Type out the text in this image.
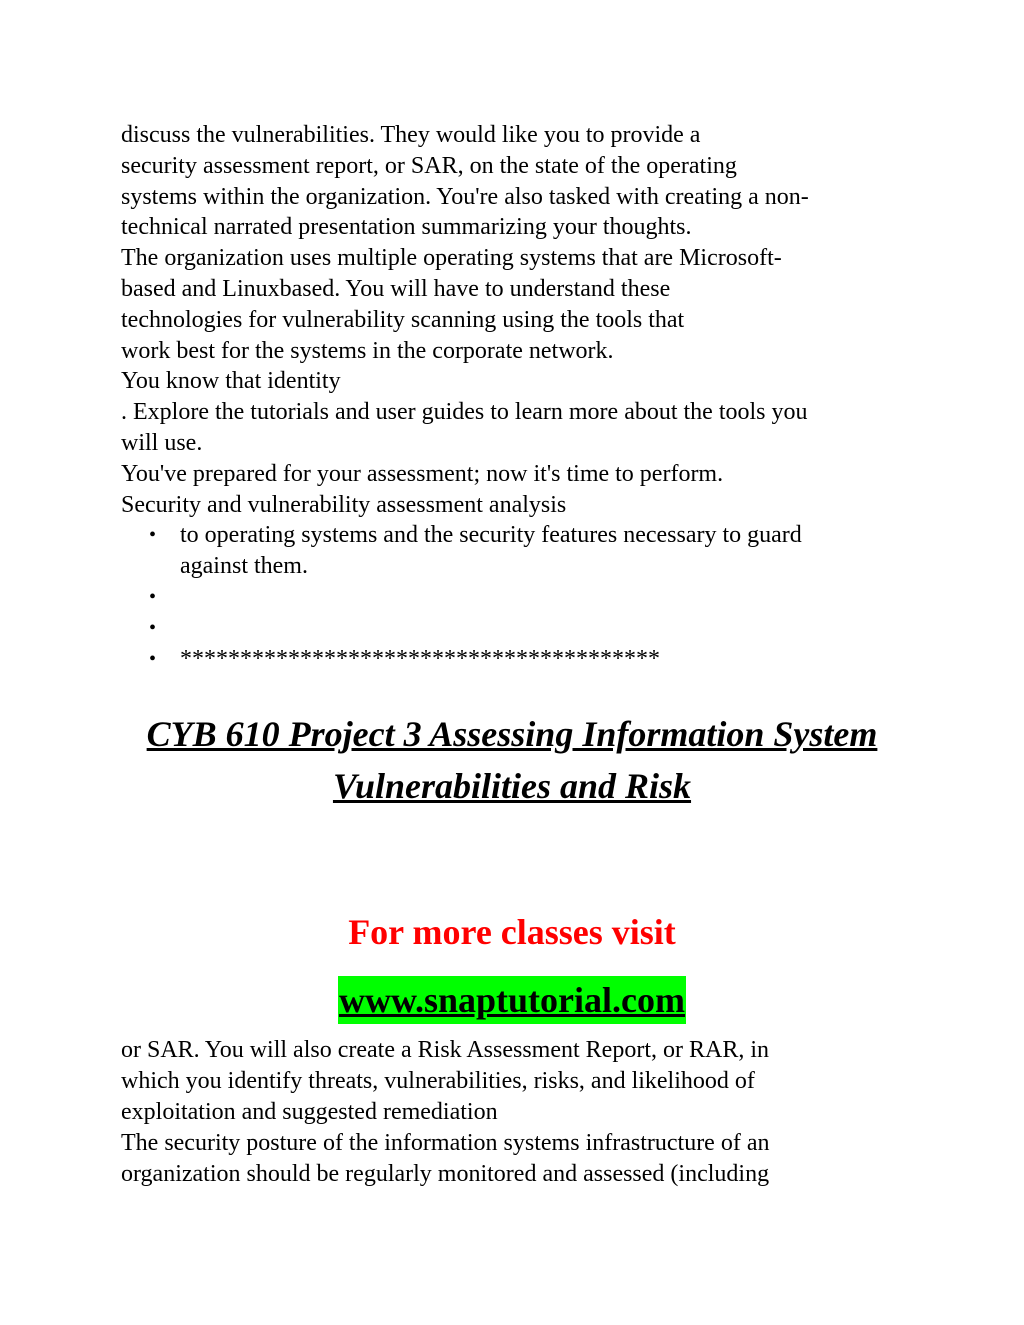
discuss the vulnerabilities. They would like you to provide a
security assessment report, or SAR, on the state of the operating
systems within the organization. You're also tasked with creating a non-
technical narrated presentation summarizing your thoughts.
The organization uses multiple operating systems that are Microsoft-
based and Linuxbased. You will have to understand these
technologies for vulnerability scanning using the tools that
work best for the systems in the corporate network.
You know that identity
. Explore the tutorials and user guides to learn more about the tools you
will use.
You've prepared for your assessment; now it's time to perform.
Security and vulnerability assessment analysis
• to operating systems and the security features necessary to guard
against them.
•
•
• ****************************************
CYB 610 Project 3 Assessing Information System
Vulnerabilities and Risk
For more classes visit
www.snaptutorial.com
or SAR. You will also create a Risk Assessment Report, or RAR, in
which you identify threats, vulnerabilities, risks, and likelihood of
exploitation and suggested remediation
The security posture of the information systems infrastructure of an
organization should be regularly monitored and assessed (including
